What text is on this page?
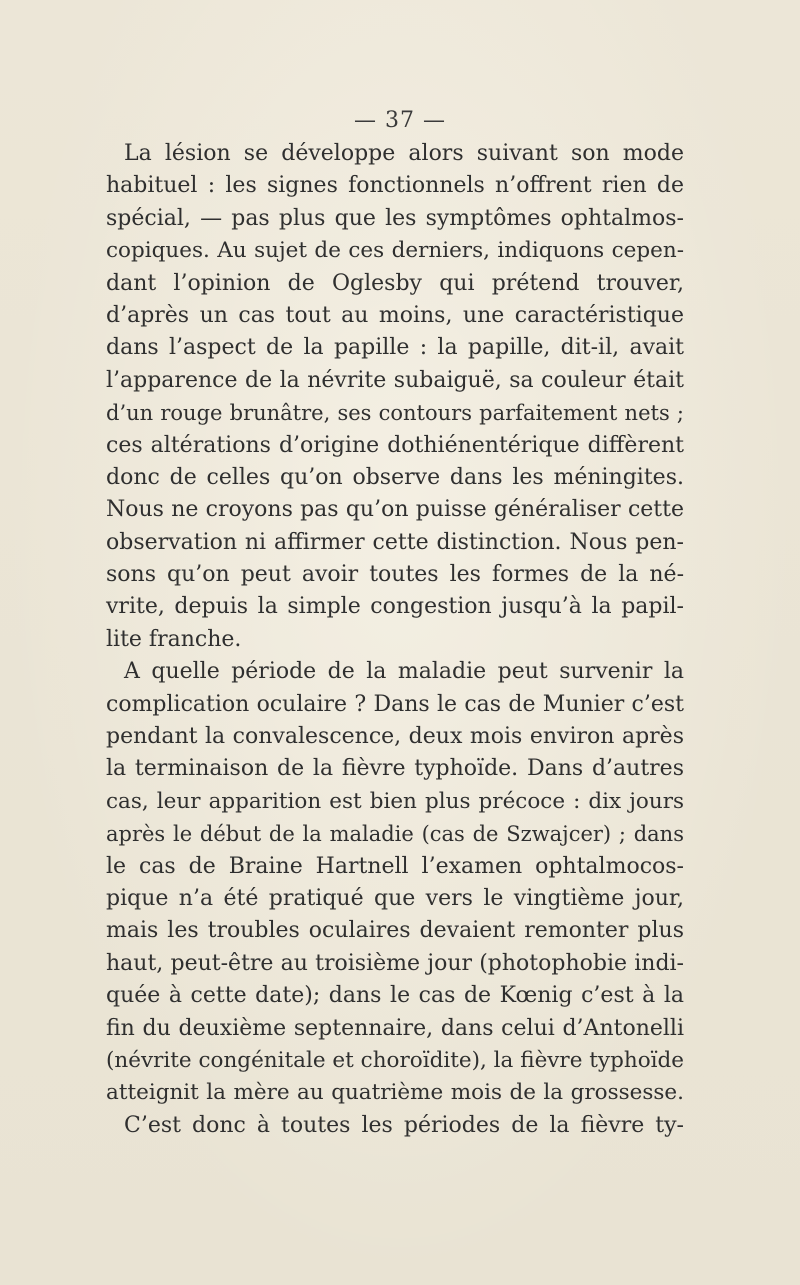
— 37 —
La lésion se développe alors suivant son mode
habituel : les signes fonctionnels n’offrent rien de
spécial, — pas plus que les symptômes ophtalmos-
copiques. Au sujet de ces derniers, indiquons cepen-
dant l’opinion de Oglesby qui prétend trouver,
d’après un cas tout au moins, une caractéristique
dans l’aspect de la papille : la papille, dit-il, avait
l’apparence de la névrite subaiguë, sa couleur était
d’un rouge brunâtre, ses contours parfaitement nets ;
ces altérations d’origine dothiénentérique diffèrent
donc de celles qu’on observe dans les méningites.
Nous ne croyons pas qu’on puisse généraliser cette
observation ni affirmer cette distinction. Nous pen-
sons qu’on peut avoir toutes les formes de la né-
vrite, depuis la simple congestion jusqu’à la papil-
lite franche.
A quelle période de la maladie peut survenir la
complication oculaire ? Dans le cas de Munier c’est
pendant la convalescence, deux mois environ après
la terminaison de la fièvre typhoïde. Dans d’autres
cas, leur apparition est bien plus précoce : dix jours
après le début de la maladie (cas de Szwajcer) ; dans
le cas de Braine Hartnell l’examen ophtalmocos-
pique n’a été pratiqué que vers le vingtième jour,
mais les troubles oculaires devaient remonter plus
haut, peut-être au troisième jour (photophobie indi-
quée à cette date); dans le cas de Kœnig c’est à la
fin du deuxième septennaire, dans celui d’Antonelli
(névrite congénitale et choroïdite), la fièvre typhoïde
atteignit la mère au quatrième mois de la grossesse.
C’est donc à toutes les périodes de la fièvre ty-
